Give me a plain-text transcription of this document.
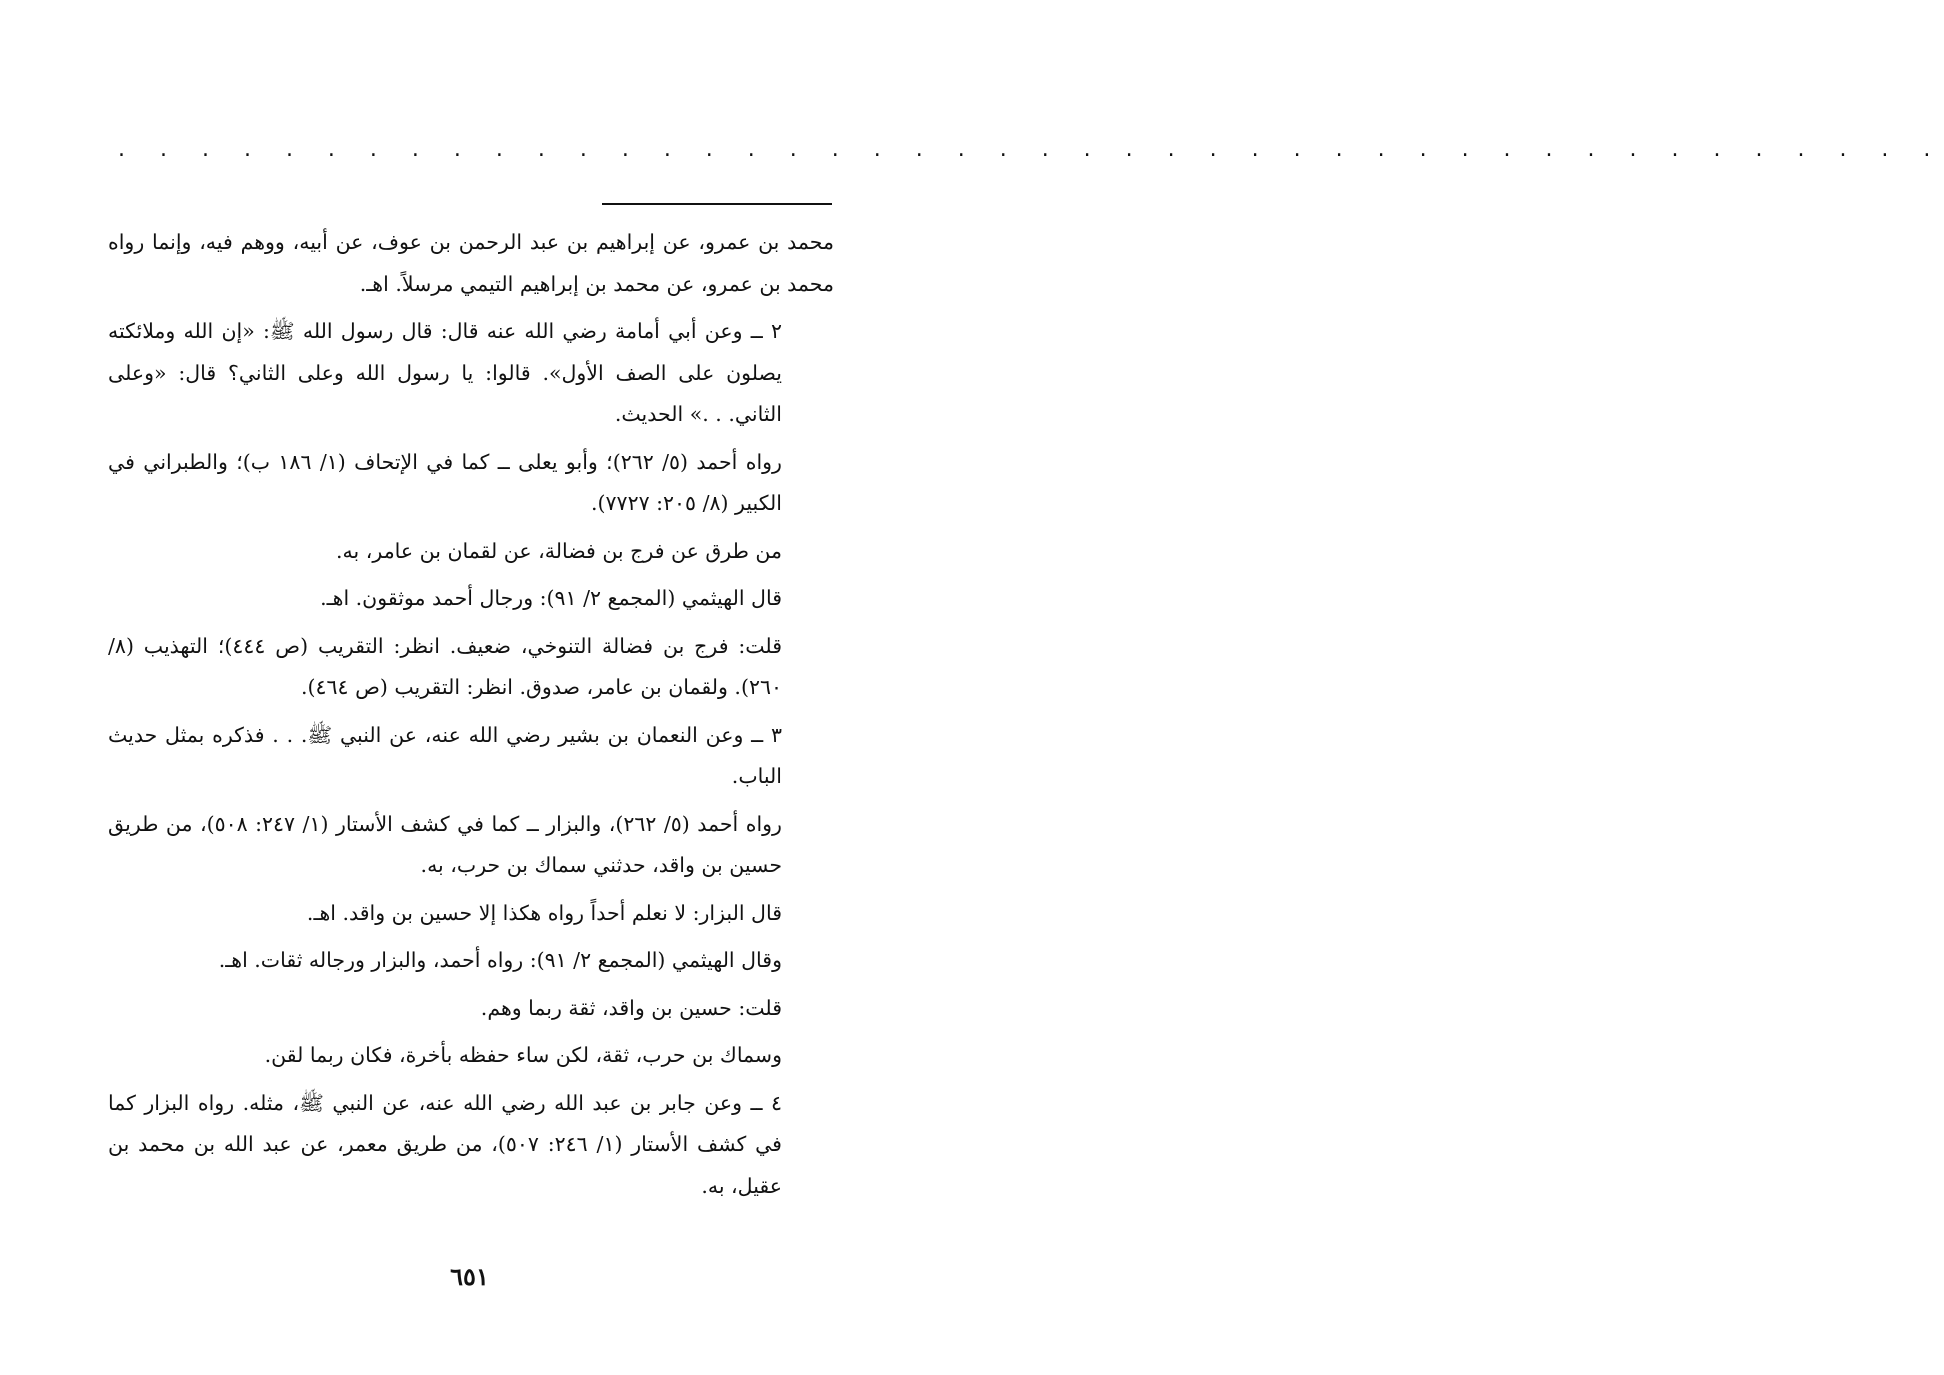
. . . . . . . . . . . . . . . . . . . . . . . . . . . . . . . . . . . . . . . . . . . .

محمد بن عمرو، عن إبراهيم بن عبد الرحمن بن عوف، عن أبيه، ووهم فيه، وإنما رواه محمد بن عمرو، عن محمد بن إبراهيم التيمي مرسلاً. اهـ.

٢ ــ وعن أبي أمامة رضي الله عنه قال: قال رسول الله ﷺ: «إن الله وملائكته يصلون على الصف الأول». قالوا: يا رسول الله وعلى الثاني؟ قال: «وعلى الثاني. . .» الحديث.

رواه أحمد (٥/ ٢٦٢)؛ وأبو يعلى ــ كما في الإتحاف (١/ ١٨٦ ب)؛ والطبراني في الكبير (٨/ ٢٠٥: ٧٧٢٧).

من طرق عن فرج بن فضالة، عن لقمان بن عامر، به.

قال الهيثمي (المجمع ٢/ ٩١): ورجال أحمد موثقون. اهـ.

قلت: فرج بن فضالة التنوخي، ضعيف. انظر: التقريب (ص ٤٤٤)؛ التهذيب (٨/ ٢٦٠). ولقمان بن عامر، صدوق. انظر: التقريب (ص ٤٦٤).

٣ ــ وعن النعمان بن بشير رضي الله عنه، عن النبي ﷺ. . . فذكره بمثل حديث الباب.

رواه أحمد (٥/ ٢٦٢)، والبزار ــ كما في كشف الأستار (١/ ٢٤٧: ٥٠٨)، من طريق حسين بن واقد، حدثني سماك بن حرب، به.

قال البزار: لا نعلم أحداً رواه هكذا إلا حسين بن واقد. اهـ.

وقال الهيثمي (المجمع ٢/ ٩١): رواه أحمد، والبزار ورجاله ثقات. اهـ.

قلت: حسين بن واقد، ثقة ربما وهم.

وسماك بن حرب، ثقة، لكن ساء حفظه بأخرة، فكان ربما لقن.

٤ ــ وعن جابر بن عبد الله رضي الله عنه، عن النبي ﷺ، مثله. رواه البزار كما في كشف الأستار (١/ ٢٤٦: ٥٠٧)، من طريق معمر، عن عبد الله بن محمد بن عقيل، به.

٦٥١
